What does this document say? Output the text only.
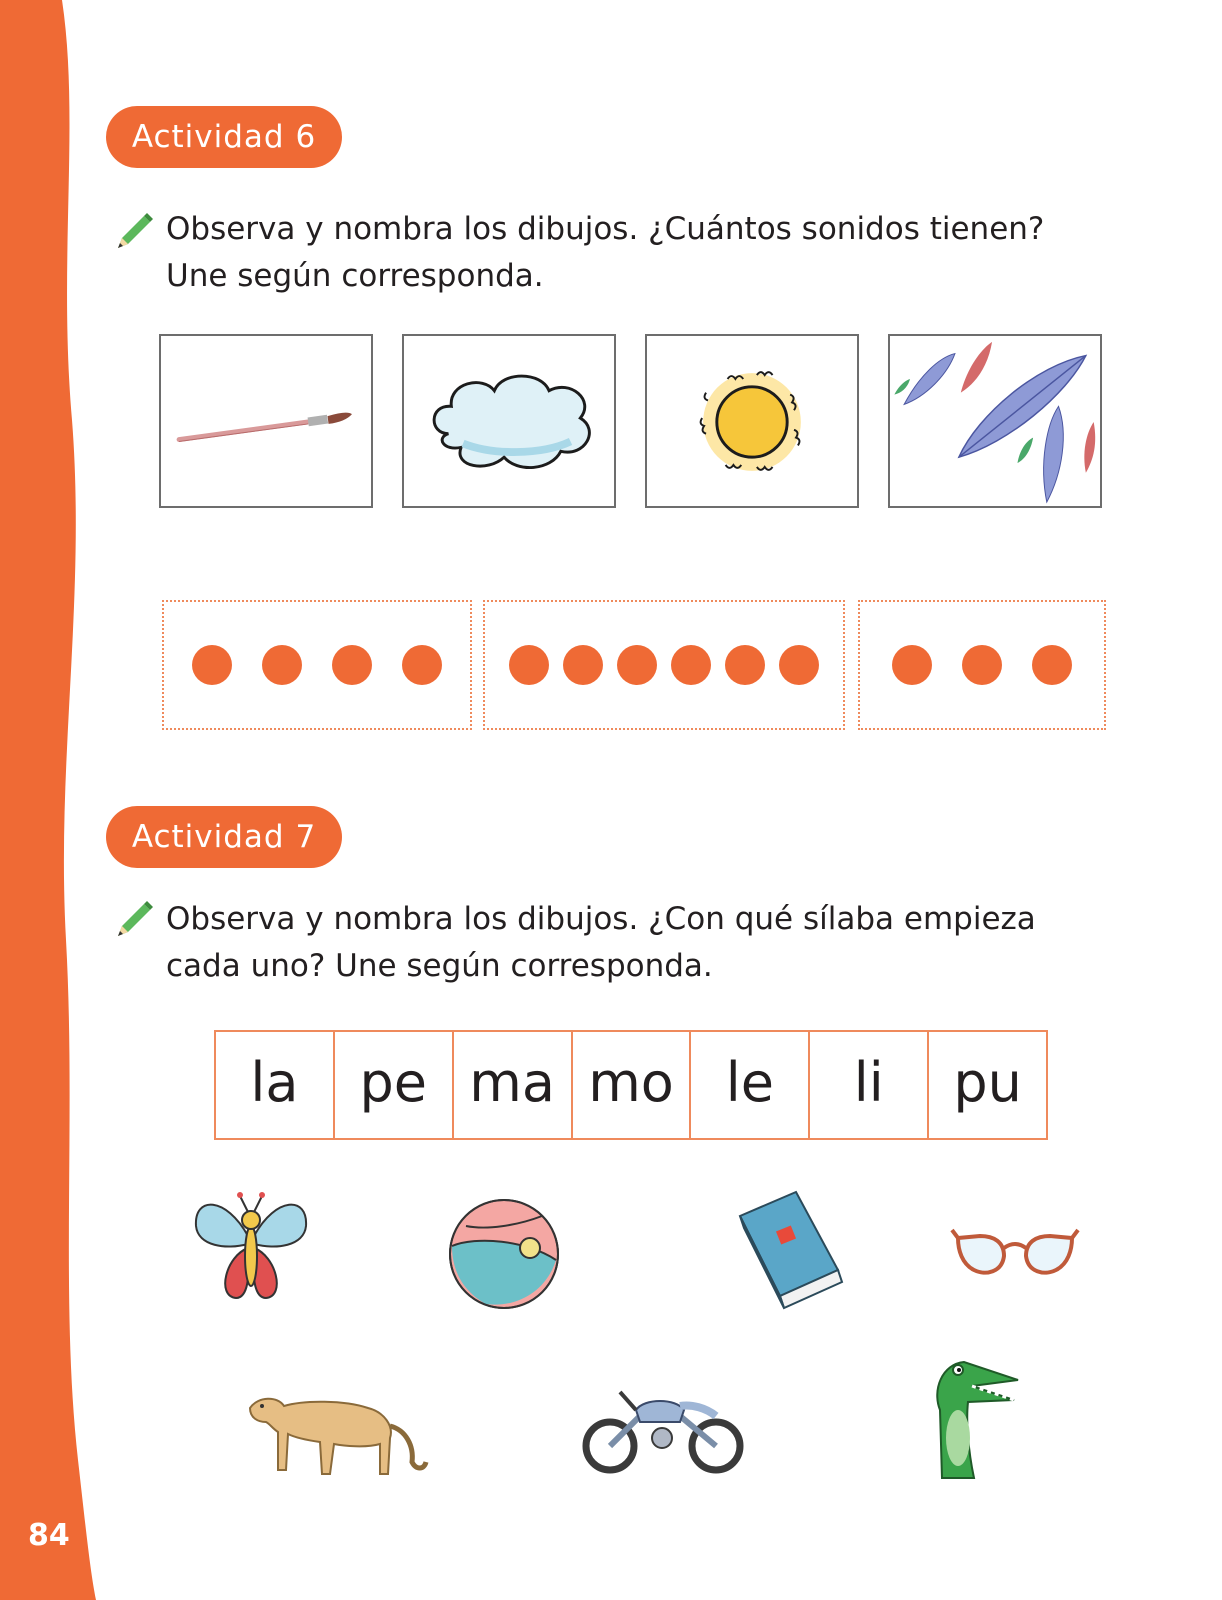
84
Actividad 6
Observa y nombra los dibujos. ¿Cuántos sonidos tienen?
Une según corresponda.
Actividad 7
Observa y nombra los dibujos. ¿Con qué sílaba empieza
cada uno? Une según corresponda.
la	pe ma mo le	li	pu
